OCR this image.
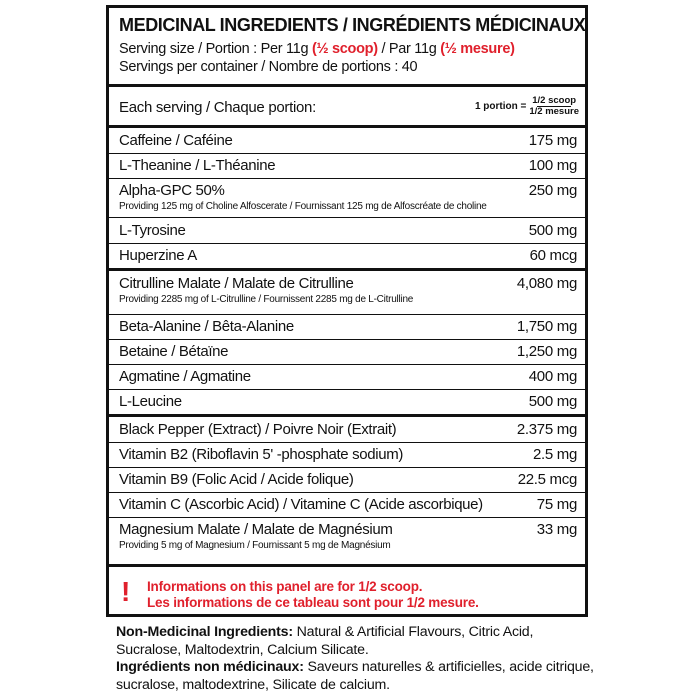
MEDICINAL INGREDIENTS / INGRÉDIENTS MÉDICINAUX
Serving size / Portion : Per 11g (½ scoop) / Par 11g (½ mesure)
Servings per container / Nombre de portions : 40
Each serving / Chaque portion:	1 portion = $\frac{\text{1/2 scoop}}{\text{1/2 mesure}}$
Caffeine / Caféine	175 mg
L-Theanine / L-Théanine	100 mg
Alpha-GPC 50%	250 mg
Providing 125 mg of Choline Alfoscerate / Fournissant 125 mg de Alfoscréate de choline
L-Tyrosine	500 mg
Huperzine A	60 mcg
Citrulline Malate / Malate de Citrulline	4,080 mg
Providing 2285 mg of L-Citrulline / Fournissent 2285 mg de L-Citrulline
Beta-Alanine / Bêta-Alanine	1,750 mg
Betaine / Bétaïne	1,250 mg
Agmatine / Agmatine	400 mg
L-Leucine	500 mg
Black Pepper (Extract) / Poivre Noir (Extrait)	2.375 mg
Vitamin B2 (Riboflavin 5' -phosphate sodium)	2.5 mg
Vitamin B9 (Folic Acid / Acide folique)	22.5 mcg
Vitamin C (Ascorbic Acid) / Vitamine C (Acide ascorbique)	75 mg
Magnesium Malate / Malate de Magnésium	33 mg
Providing 5 mg of Magnesium / Fournissant 5 mg de Magnésium
! Informations on this panel are for 1/2 scoop.
Les informations de ce tableau sont pour 1/2 mesure.
Non-Medicinal Ingredients: Natural & Artificial Flavours, Citric Acid, Sucralose, Maltodextrin, Calcium Silicate.
Ingrédients non médicinaux: Saveurs naturelles & artificielles, acide citrique, sucralose, maltodextrine, Silicate de calcium.
